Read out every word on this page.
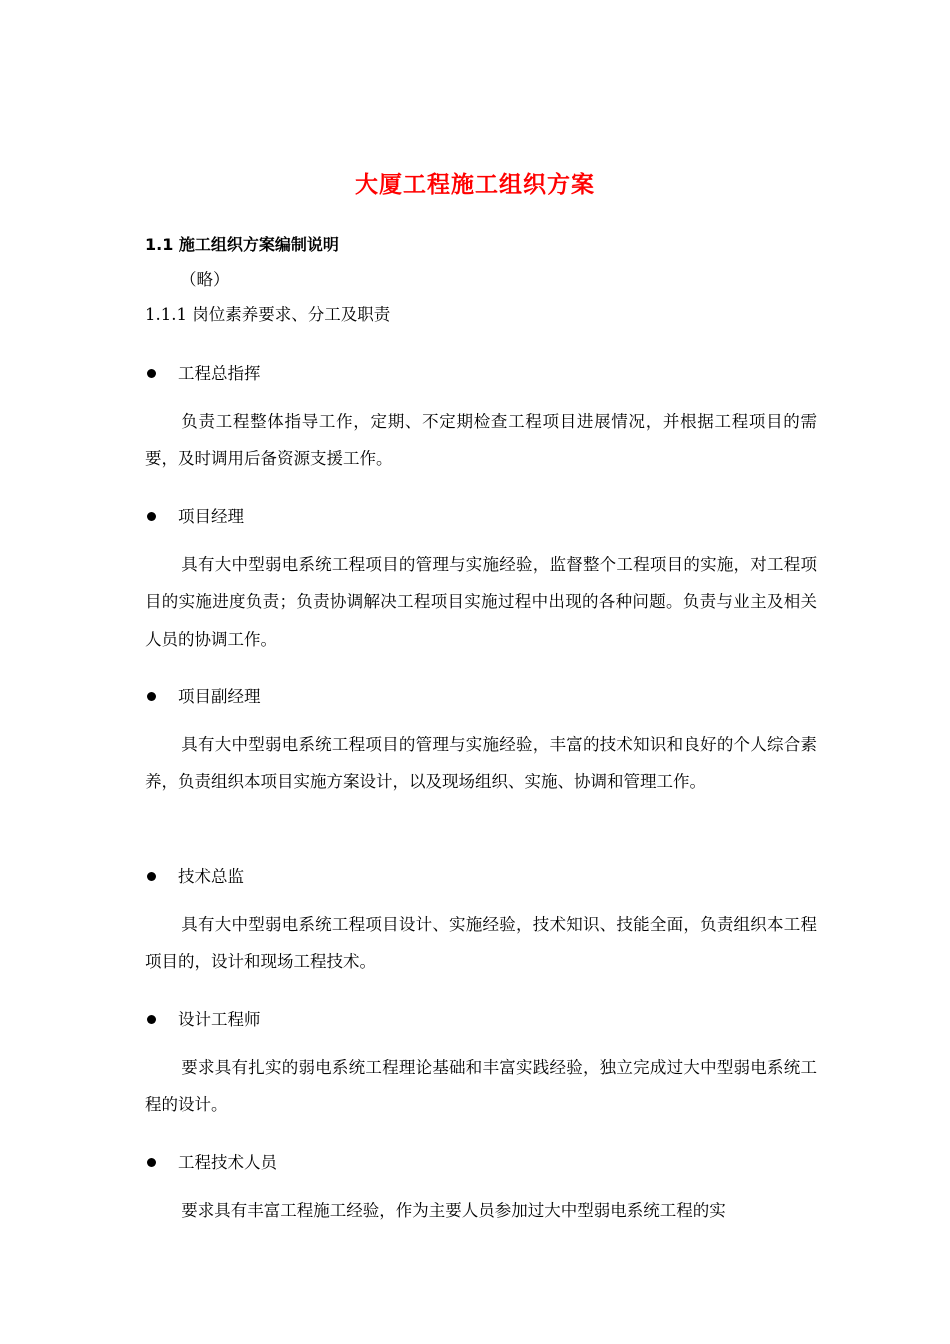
大厦工程施工组织方案
1.1 施工组织方案编制说明
（略）
1.1.1 岗位素养要求、分工及职责
工程总指挥
负责工程整体指导工作，定期、不定期检查工程项目进展情况，并根据工程项目的需要，及时调用后备资源支援工作。
项目经理
具有大中型弱电系统工程项目的管理与实施经验，监督整个工程项目的实施，对工程项目的实施进度负责；负责协调解决工程项目实施过程中出现的各种问题。负责与业主及相关人员的协调工作。
项目副经理
具有大中型弱电系统工程项目的管理与实施经验，丰富的技术知识和良好的个人综合素养，负责组织本项目实施方案设计，以及现场组织、实施、协调和管理工作。
技术总监
具有大中型弱电系统工程项目设计、实施经验，技术知识、技能全面，负责组织本工程项目的，设计和现场工程技术。
设计工程师
要求具有扎实的弱电系统工程理论基础和丰富实践经验，独立完成过大中型弱电系统工程的设计。
工程技术人员
要求具有丰富工程施工经验，作为主要人员参加过大中型弱电系统工程的实
